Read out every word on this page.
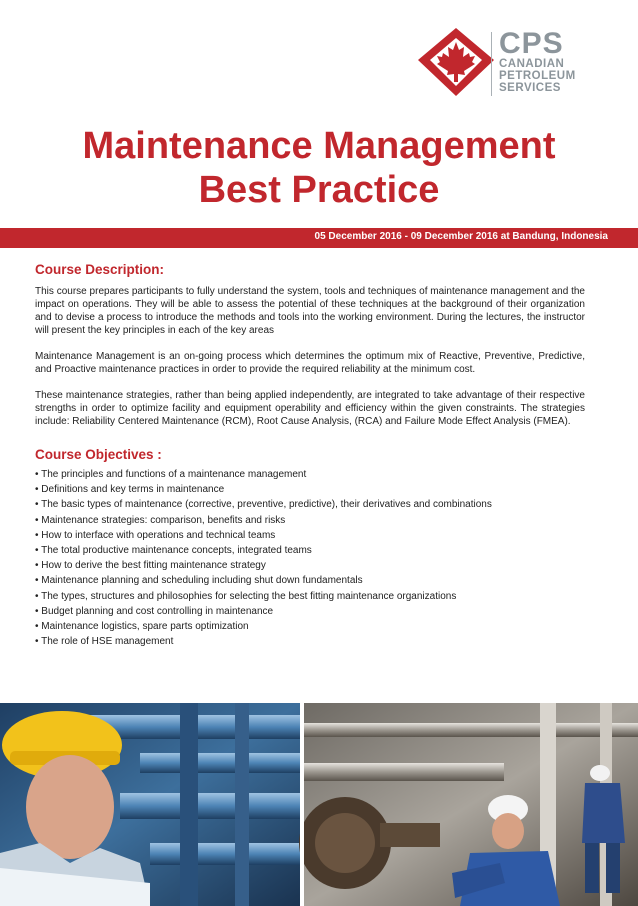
CPS
CANADIAN
PETROLEUM
SERVICES
Maintenance Management
Best Practice
05 December 2016 - 09 December 2016 at Bandung, Indonesia
Course Description:

This course prepares participants to fully understand the system, tools and techniques of maintenance management and the impact on operations. They will be able to assess the potential of these techniques at the background of their organization and to devise a process to introduce the methods and tools into the working environment. During the lectures, the instructor will present the key principles in each of the key areas

Maintenance Management is an on-going process which determines the optimum mix of Reactive, Preventive, Predictive, and Proactive maintenance practices in order to provide the required reliability at the minimum cost.

These maintenance strategies, rather than being applied independently, are integrated to take advantage of their respective strengths in order to optimize facility and equipment operability and efficiency within the given constraints. The strategies include: Reliability Centered Maintenance (RCM), Root Cause Analysis, (RCA) and Failure Mode Effect Analysis (FMEA).

Course Objectives :
• The principles and functions of a maintenance management
• Definitions and key terms in maintenance
• The basic types of maintenance (corrective, preventive, predictive), their derivatives and combinations
• Maintenance strategies: comparison, benefits and risks
• How to interface with operations and technical teams
• The total productive maintenance concepts, integrated teams
• How to derive the best fitting maintenance strategy
• Maintenance planning and scheduling including shut down fundamentals
• The types, structures and philosophies for selecting the best fitting maintenance organizations
• Budget planning and cost controlling in maintenance
• Maintenance logistics, spare parts optimization
• The role of HSE management
